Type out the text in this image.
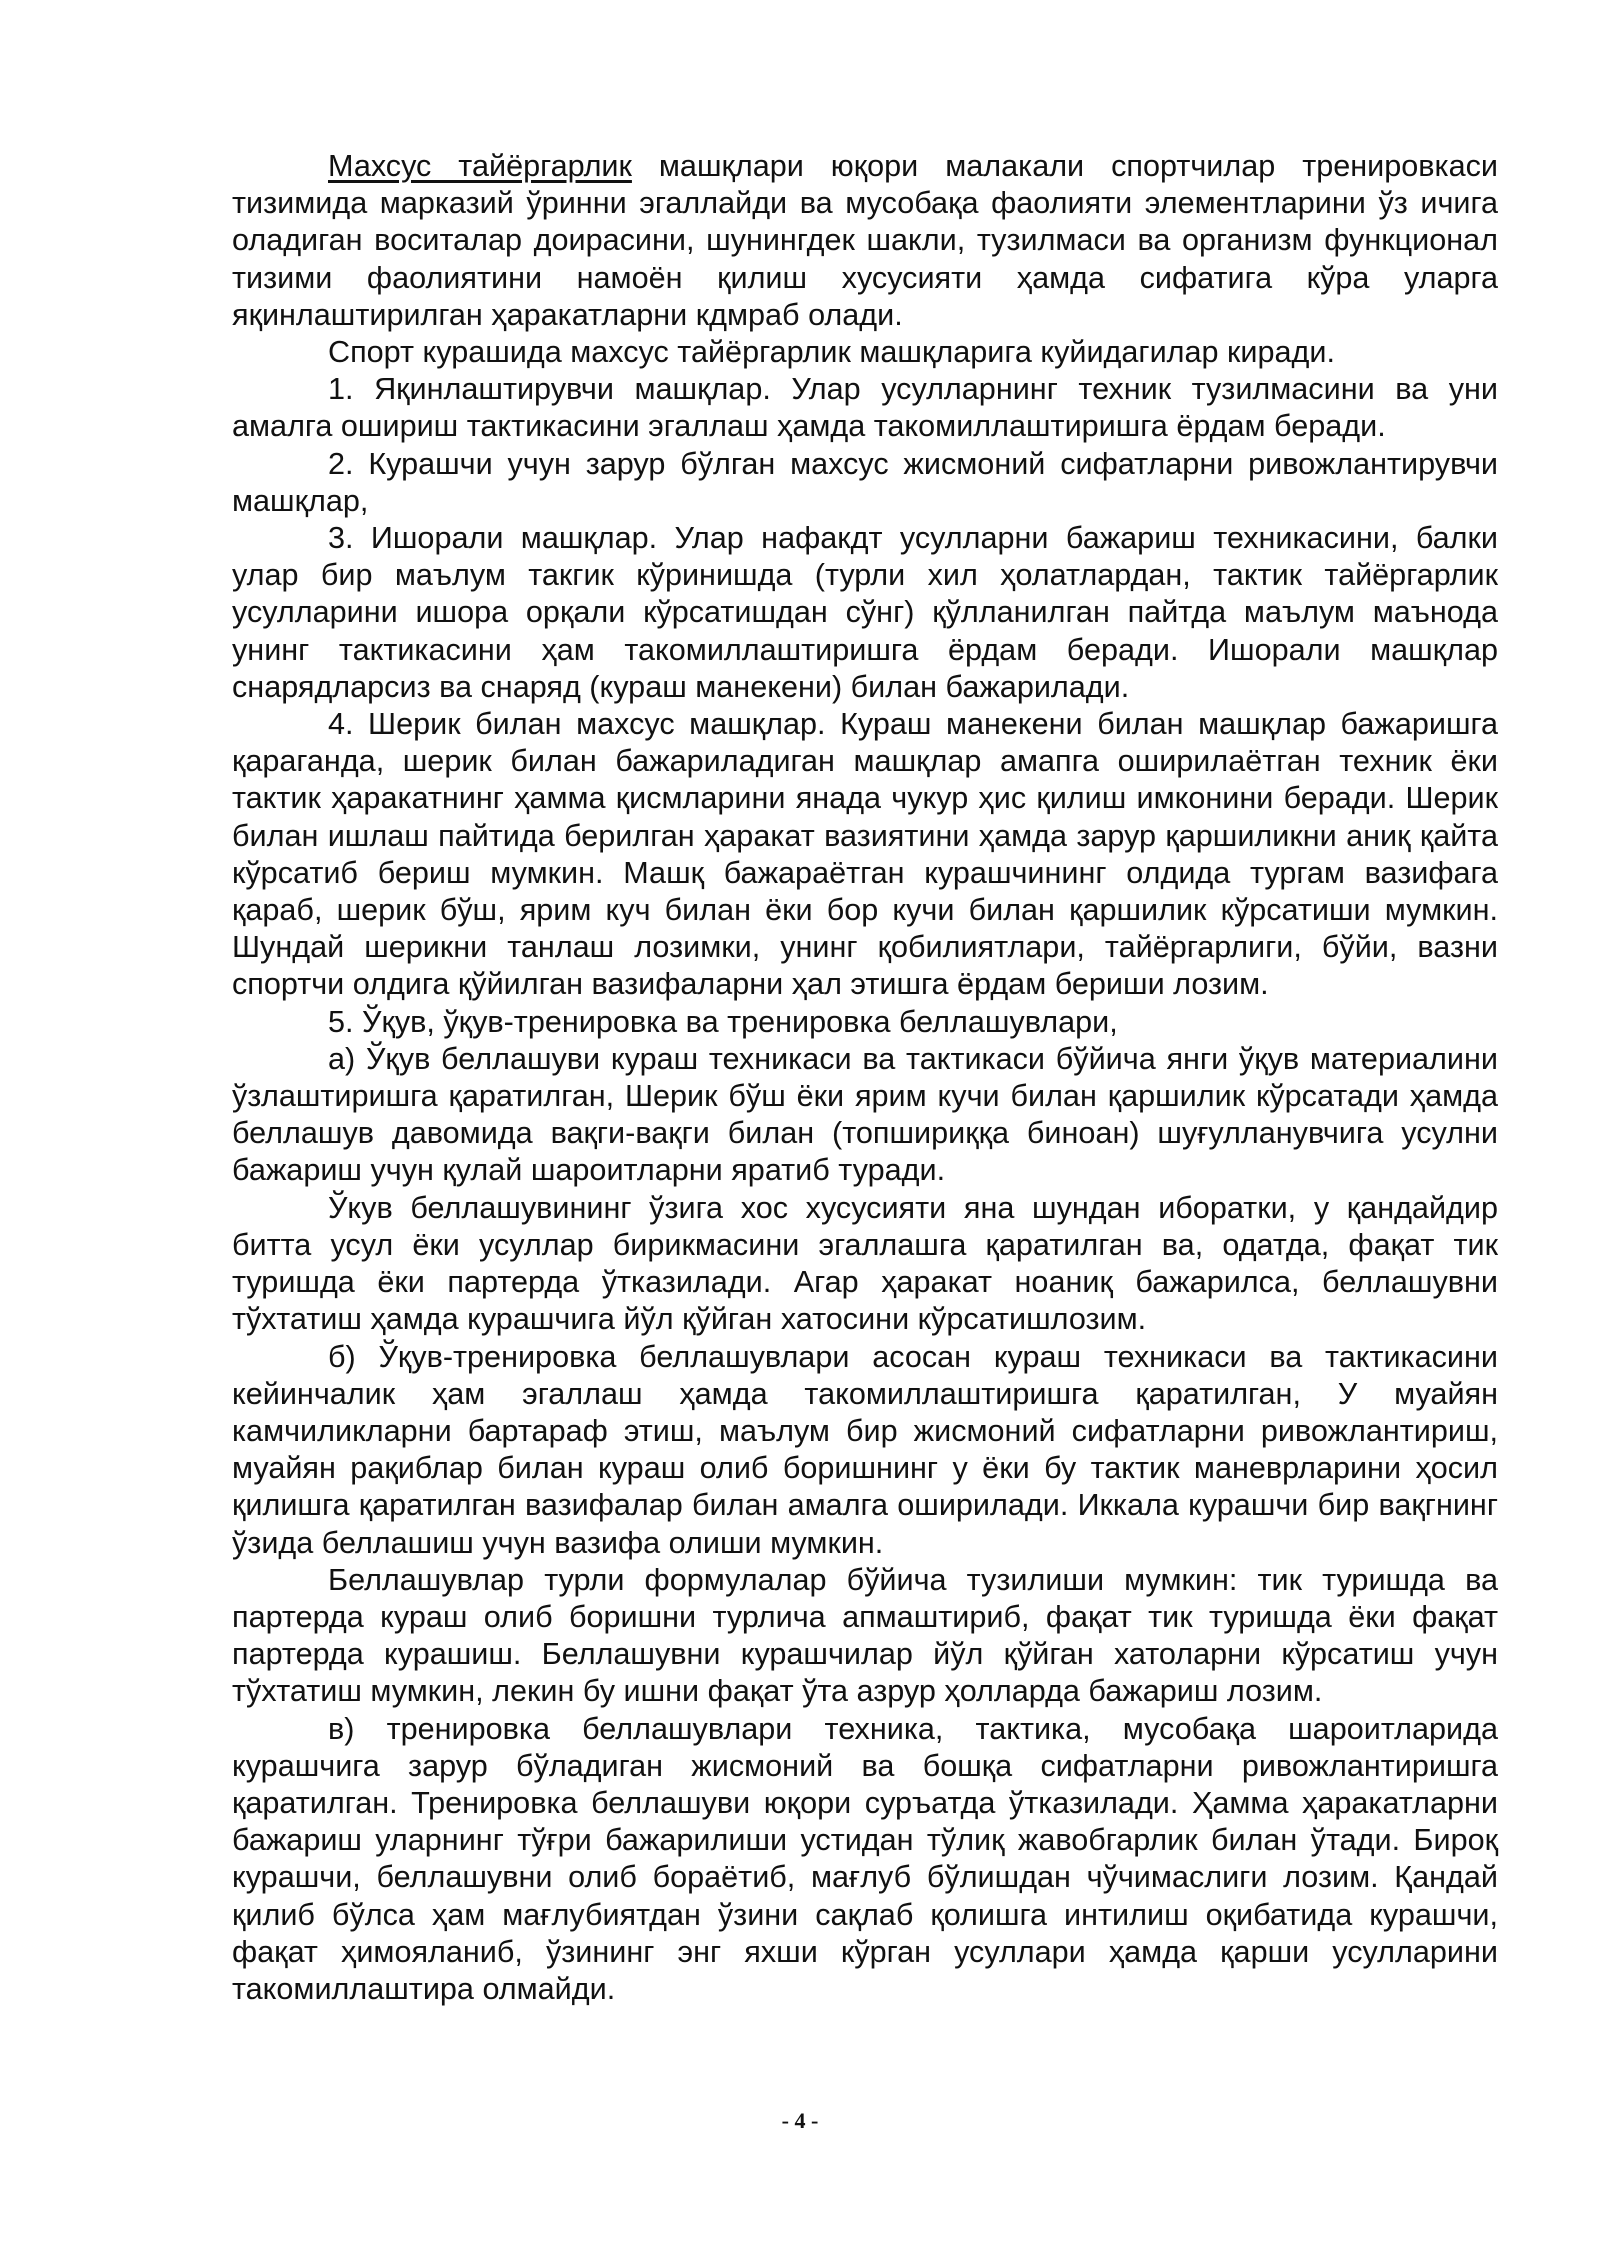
Махсус тайёргарлик машқлари юқори малакали спортчилар тренировкаси тизимида марказий ўринни эгаллайди ва мусобақа фаолияти элементларини ўз ичига оладиган воситалар доирасини, шунингдек шакли, тузилмаси ва организм функционал тизими фаолиятини намоён қилиш хусусияти ҳамда сифатига кўра уларга яқинлаштирилган ҳаракатларни кдмраб олади.

Спорт курашида махсус тайёргарлик машқларига куйидагилар киради.

1. Яқинлаштирувчи машқлар. Улар усулларнинг техник тузилмасини ва уни амалга ошириш тактикасини эгаллаш ҳамда такомиллаштиришга ёрдам беради.

2. Курашчи учун зарур бўлган махсус жисмоний сифатларни ривожлантирувчи машқлар,

3. Ишорали машқлар. Улар нафакдт усулларни бажариш техникасини, балки улар бир маълум такгик кўринишда (турли хил ҳолатлардан, тактик тайёргарлик усулларини ишора орқали кўрсатишдан сўнг) қўлланилган пайтда маълум маънода унинг тактикасини ҳам такомиллаштиришга ёрдам беради. Ишорали машқлар снарядларсиз ва снаряд (кураш манекени) билан бажарилади.

4. Шерик билан махсус машқлар. Кураш манекени билан машқлар бажаришга қараганда, шерик билан бажариладиган машқлар амапга оширилаётган техник ёки тактик ҳаракатнинг ҳамма қисмларини янада чукур ҳис қилиш имконини беради. Шерик билан ишлаш пайтида берилган ҳаракат вазиятини ҳамда зарур қаршиликни аниқ қайта кўрсатиб бериш мумкин. Машқ бажараётган курашчининг олдида тургам вазифага қараб, шерик бўш, ярим куч билан ёки бор кучи билан қаршилик кўрсатиши мумкин. Шундай шерикни танлаш лозимки, унинг қобилиятлари, тайёргарлиги, бўйи, вазни спортчи олдига қўйилган вазифаларни ҳал этишга ёрдам бериши лозим.

5. Ўқув, ўқув-тренировка ва тренировка беллашувлари,

а) Ўқув беллашуви кураш техникаси ва тактикаси бўйича янги ўқув материалини ўзлаштиришга қаратилган, Шерик бўш ёки ярим кучи билан қаршилик кўрсатади ҳамда беллашув давомида вақги-вақги билан (топшириққа биноан) шуғулланувчига усулни бажариш учун қулай шароитларни яратиб туради.

Ўкув беллашувининг ўзига хос хусусияти яна шундан иборатки, у қандайдир битта усул ёки усуллар бирикмасини эгаллашга қаратилган ва, одатда, фақат тик туришда ёки партерда ўтказилади. Агар ҳаракат ноаниқ бажарилса, беллашувни тўхтатиш ҳамда курашчига йўл қўйган хатосини кўрсатишлозим.

б) Ўқув-тренировка беллашувлари асосан кураш техникаси ва тактикасини кейинчалик ҳам эгаллаш ҳамда такомиллаштиришга қаратилган, У муайян камчиликларни бартараф этиш, маълум бир жисмоний сифатларни ривожлантириш, муайян рақиблар билан кураш олиб боришнинг у ёки бу тактик маневрларини ҳосил қилишга қаратилган вазифалар билан амалга оширилади. Иккала курашчи бир вақгнинг ўзида беллашиш учун вазифа олиши мумкин.

Беллашувлар турли формулалар бўйича тузилиши мумкин: тик туришда ва партерда кураш олиб боришни турлича апмаштириб, фақат тик туришда ёки фақат партерда курашиш. Беллашувни курашчилар йўл қўйган хатоларни кўрсатиш учун тўхтатиш мумкин, лекин бу ишни фақат ўта азрур ҳолларда бажариш лозим.

в) тренировка беллашувлари техника, тактика, мусобақа шароитларида курашчига зарур бўладиган жисмоний ва бошқа сифатларни ривожлантиришга қаратилган. Тренировка беллашуви юқори суръатда ўтказилади. Ҳамма ҳаракатларни бажариш уларнинг тўғри бажарилиши устидан тўлиқ жавобгарлик билан ўтади. Бироқ курашчи, беллашувни олиб бораётиб, мағлуб бўлишдан чўчимаслиги лозим. Қандай қилиб бўлса ҳам мағлубиятдан ўзини сақлаб қолишга интилиш оқибатида курашчи, фақат ҳимояланиб, ўзининг энг яхши кўрган усуллари ҳамда қарши усулларини такомиллаштира олмайди.

- 4 -
